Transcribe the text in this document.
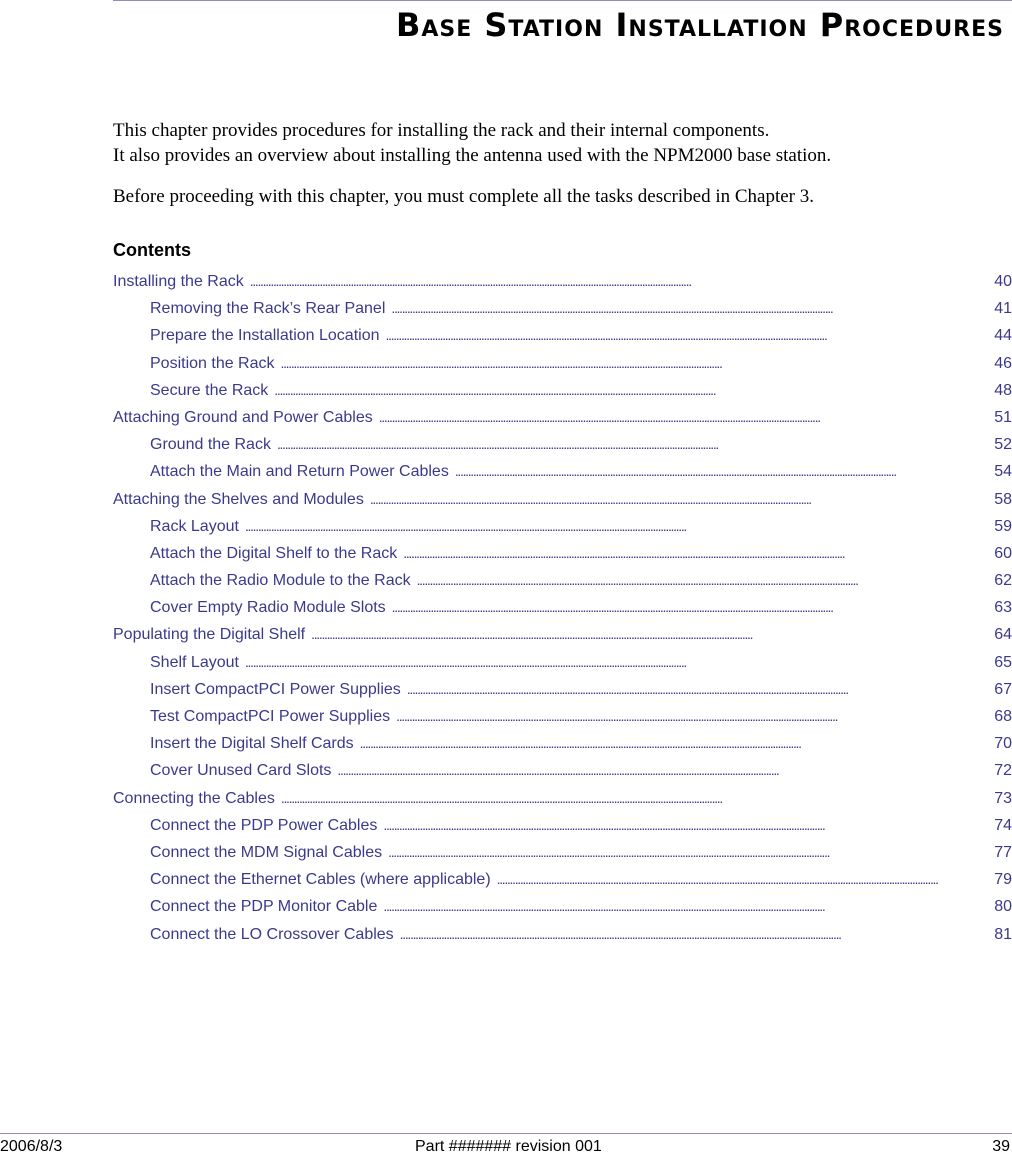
Base Station Installation Procedures

This chapter provides procedures for installing the rack and their internal components.
It also provides an overview about installing the antenna used with the NPM2000 base station.

Before proceeding with this chapter, you must complete all the tasks described in Chapter 3.

Contents
Installing the Rack . . .	40
Removing the Rack’s Rear Panel . . .	41
Prepare the Installation Location . . .	44
Position the Rack . . .	46
Secure the Rack . . .	48
Attaching Ground and Power Cables . . .	51
Ground the Rack . . .	52
Attach the Main and Return Power Cables . . .	54
Attaching the Shelves and Modules . . .	58
Rack Layout . . .	59
Attach the Digital Shelf to the Rack . . .	60
Attach the Radio Module to the Rack . . .	62
Cover Empty Radio Module Slots . . .	63
Populating the Digital Shelf . . .	64
Shelf Layout . . .	65
Insert CompactPCI Power Supplies . . .	67
Test CompactPCI Power Supplies . . .	68
Insert the Digital Shelf Cards . . .	70
Cover Unused Card Slots . . .	72
Connecting the Cables . . .	73
Connect the PDP Power Cables . . .	74
Connect the MDM Signal Cables . . .	77
Connect the Ethernet Cables (where applicable) . . .	79
Connect the PDP Monitor Cable . . .	80
Connect the LO Crossover Cables . . .	81
2006/8/3	Part ####### revision 001	39
